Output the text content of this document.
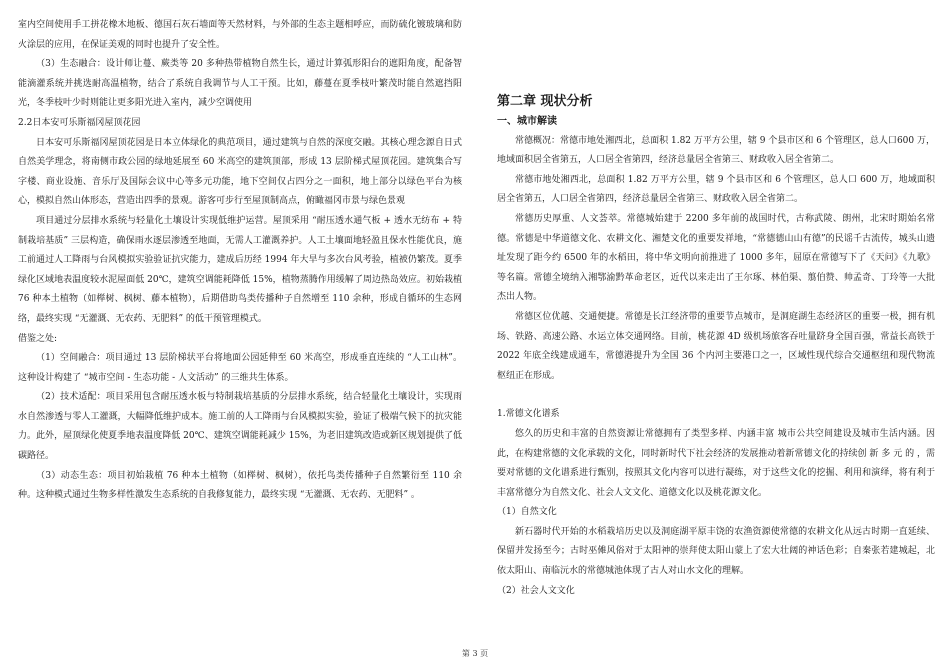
室内空间使用手工拼花橡木地板、德国石灰石墙面等天然材料，与外部的生态主题相呼应，而防硫化镀玻璃和防火涂层的应用，在保证美观的同时也提升了安全性。

（3）生态融合：设计师让蔓、蕨类等 20 多种热带植物自然生长，通过计算弧形阳台的遮阳角度，配备智能滴灌系统并挑选耐高温植物，结合了系统自我调节与人工干预。比如，藤蔓在夏季枝叶繁茂时能自然遮挡阳光，冬季枝叶少时则能让更多阳光进入室内，减少空调使用

2.2日本安可乐斯福冈屋顶花园

日本安可乐斯福冈屋顶花园是日本立体绿化的典范项目，通过建筑与自然的深度交融。其核心理念源自日式自然美学理念，将南侧市政公园的绿地延展至 60 米高空的建筑顶部，形成 13 层阶梯式屋顶花园。建筑集合写字楼、商业设施、音乐厅及国际会议中心等多元功能，地下空间仅占四分之一面积，地上部分以绿色平台为核心，模拟自然山体形态，营造出四季的景观。游客可步行至屋顶制高点，俯瞰福冈市景与绿色景观

项目通过分层排水系统与轻量化土壤设计实现低维护运营。屋顶采用 “耐压透水通气板 + 透水无纺布 + 特制栽培基质” 三层构造，确保雨水逐层渗透至地面，无需人工灌溉养护。人工土壤面地轻盈且保水性能优良，施工前通过人工降雨与台风模拟实验验证抗灾能力，建成后历经 1994 年大旱与多次台风考验，植被仍繁茂。夏季绿化区域地表温度较水泥屋面低 20℃，建筑空调能耗降低 15%，植物蒸腾作用缓解了周边热岛效应。初始栽植 76 种本土植物（如榉树、枫树、藤本植物），后期借助鸟类传播种子自然增至 110 余种，形成自循环的生态网络，最终实现 “无灌溉、无农药、无肥料” 的低干预管理模式。

借鉴之处:

（1）空间融合：项目通过 13 层阶梯状平台将地面公园延伸至 60 米高空，形成垂直连续的 “人工山林”。这种设计构建了 “城市空间 - 生态功能 - 人文活动” 的三维共生体系。

（2）技术适配：项目采用包含耐压透水板与特制栽培基质的分层排水系统，结合轻量化土壤设计，实现雨水自然渗透与零人工灌溉，大幅降低维护成本。施工前的人工降雨与台风模拟实验，验证了极端气候下的抗灾能力。此外，屋顶绿化使夏季地表温度降低 20℃、建筑空调能耗减少 15%，为老旧建筑改造或新区规划提供了低碳路径。

（3）动态生态：项目初始栽植 76 种本土植物（如榉树、枫树），依托鸟类传播种子自然繁衍至 110 余种。这种模式通过生物多样性激发生态系统的自我修复能力，最终实现 “无灌溉、无农药、无肥料” 。

第二章 现状分析

一、城市解读

常德概况：常德市地处湘西北，总面积 1.82 万平方公里，辖 9 个县市区和 6 个管理区，总人口600 万，地域面积居全省第五，人口居全省第四，经济总量居全省第三、财政收入居全省第二。

常德市地处湘西北，总面积 1.82 万平方公里，辖 9 个县市区和 6 个管理区，总人口 600 万，地域面积居全省第五，人口居全省第四，经济总量居全省第三、财政收入居全省第二。

常德历史厚重、人文荟萃。常德城始建于 2200 多年前的战国时代，古称武陵、朗州，北宋时期始名常德。常德是中华道德文化、农耕文化、湘楚文化的重要发祥地，“常德德山山有德”的民谣千古流传，城头山遗址发现了距今约 6500 年的水稻田，将中华文明向前推进了 1000 多年，屈原在常德写下了《天问》《九歌》等名篇。常德全境纳入湘鄂渝黔革命老区，近代以来走出了王尔琢、林伯渠、翦伯赞、帅孟奇、丁玲等一大批杰出人物。

常德区位优越、交通便捷。常德是长江经济带的重要节点城市，是洞庭湖生态经济区的重要一极，拥有机场、铁路、高速公路、水运立体交通网络。目前，桃花源 4D 级机场旅客吞吐量跻身全国百强，常益长高铁于 2022 年底全线建成通车，常德港提升为全国 36 个内河主要港口之一，区域性现代综合交通枢纽和现代物流枢纽正在形成。

1.常德文化谱系

悠久的历史和丰富的自然资源让常德拥有了类型多样、内涵丰富 城市公共空间建设及城市生活内涵。因此，在构建常德的文化承载的文化，同时新时代下社会经济的发展推动着新常德文化的持续创 新 多 元 的 ，需要对常德的文化谱系进行甄别，按照其文化内容可以进行凝练，对于这些文化的挖掘、利用和演绎，将有利于丰富常德分为自然文化、社会人文文化、道德文化以及桃花源文化。

（1）自然文化

新石器时代开始的水稻栽培历史以及洞庭湖平原丰饶的农渔资源使常德的农耕文化从远古时期一直延续、保留并发扬至今；古时巫傩风俗对于太阳神的崇拜使太阳山蒙上了宏大壮阔的神话色彩；自秦张若建城起，北依太阳山、南临沅水的常德城池体现了古人对山水文化的理解。

（2）社会人文文化

第 3 页
